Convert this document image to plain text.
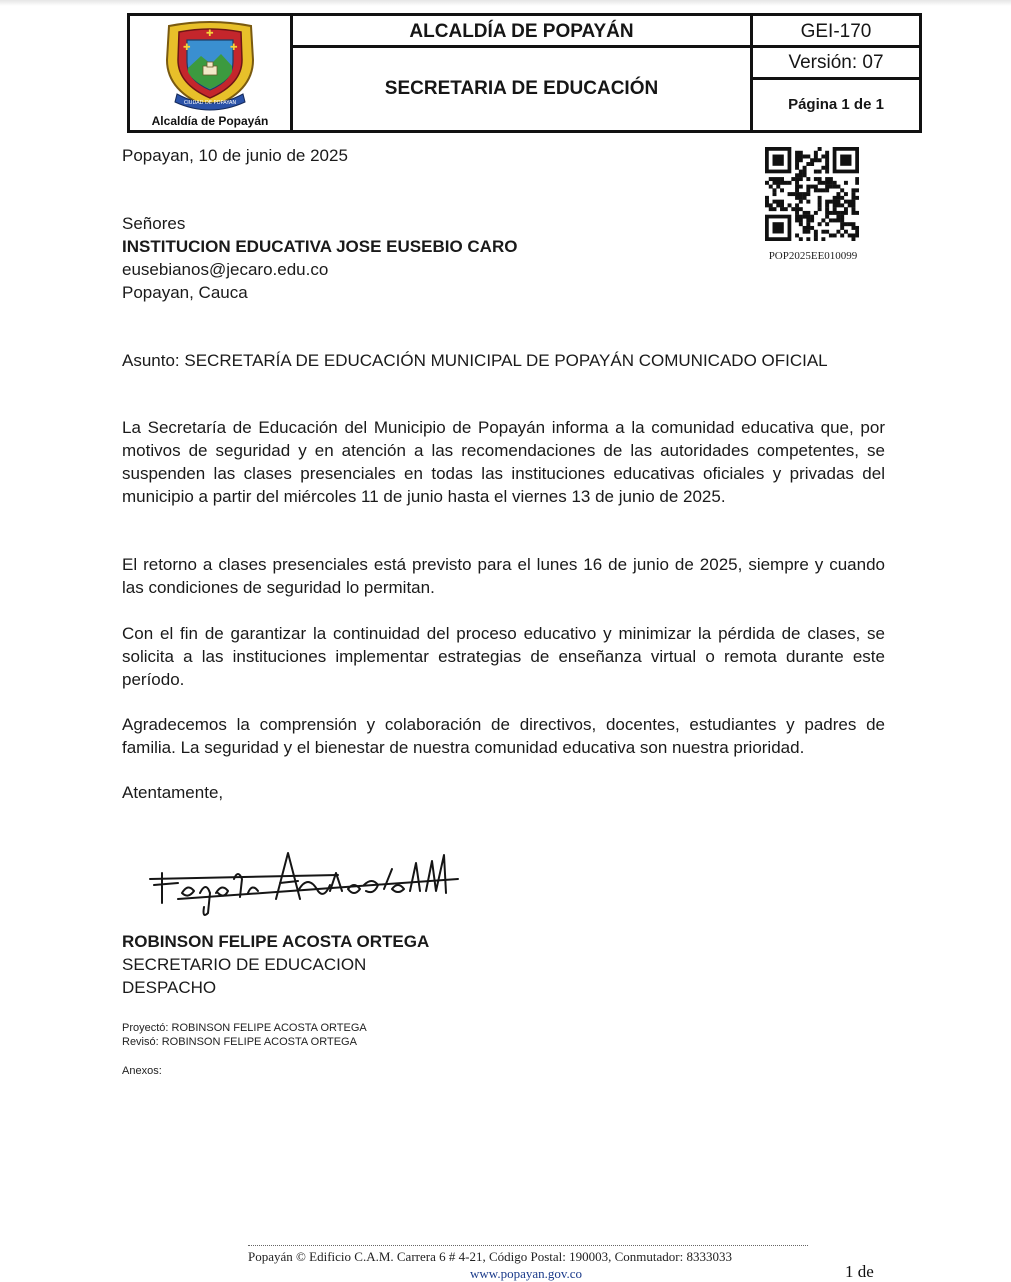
✚	✚
✚
CIUDAD DE POPAYAN
Alcaldía de Popayán
ALCALDÍA DE POPAYÁN
SECRETARIA DE EDUCACIÓN
GEI-170
Versión: 07
Página 1 de 1
POP2025EE010099
Popayan, 10 de junio de 2025
Señores
INSTITUCION EDUCATIVA JOSE EUSEBIO CARO
eusebianos@jecaro.edu.co
Popayan, Cauca
Asunto: SECRETARÍA DE EDUCACIÓN MUNICIPAL DE POPAYÁN COMUNICADO OFICIAL
La Secretaría de Educación del Municipio de Popayán informa a la comunidad educativa que, por motivos de seguridad y en atención a las recomendaciones de las autoridades competentes, se suspenden las clases presenciales en todas las instituciones educativas oficiales y privadas del municipio a partir del miércoles 11 de junio hasta el viernes 13 de junio de 2025.
El retorno a clases presenciales está previsto para el lunes 16 de junio de 2025, siempre y cuando las condiciones de seguridad lo permitan.
Con el fin de garantizar la continuidad del proceso educativo y minimizar la pérdida de clases, se solicita a las instituciones implementar estrategias de enseñanza virtual o remota durante este período.
Agradecemos la comprensión y colaboración de directivos, docentes, estudiantes y padres de familia. La seguridad y el bienestar de nuestra comunidad educativa son nuestra prioridad.
Atentamente,
ROBINSON FELIPE ACOSTA ORTEGA
SECRETARIO DE EDUCACION
DESPACHO
Proyectó: ROBINSON FELIPE ACOSTA ORTEGA
Revisó: ROBINSON FELIPE ACOSTA ORTEGA
Anexos:
Popayán © Edificio C.A.M. Carrera 6 # 4-21, Código Postal: 190003, Conmutador: 8333033
www.popayan.gov.co	1 de
